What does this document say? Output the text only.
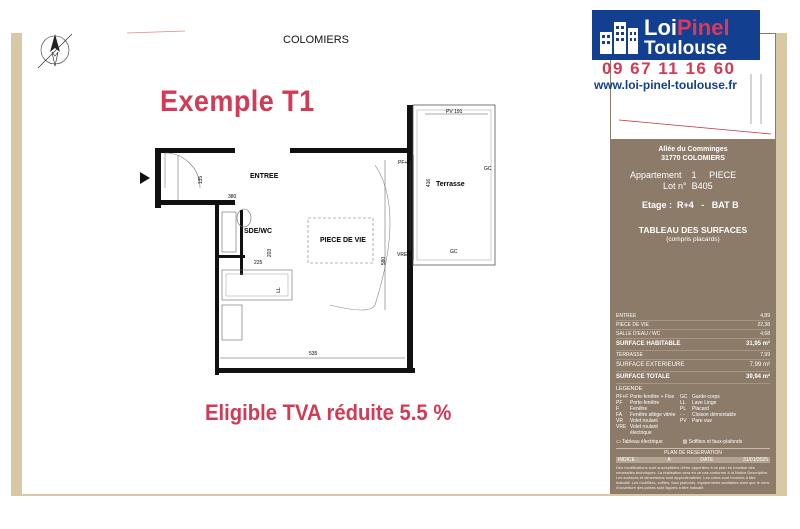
COLOMIERS
Exemple T1
ENTREE
SDE/WC
PIECE DE VIE
Terrasse
PV 191
535
380
225
203
135
580
416
PF+F
GC
GC
VRE
LL
Eligible TVA réduite 5.5 %
LoiPinel
Toulouse
09 67 11 16 60
www.loi-pinel-toulouse.fr
Allée du Comminges
31770 COLOMIERS
Appartement 1 PIECE
Lot n° B405
Etage : R+4   -   BAT B
TABLEAU DES SURFACES
(compris placards)
ENTREE	4,89
PIECE DE VIE	22,38
SALLE D'EAU / WC	4,68
SURFACE HABITABLE	31,95 m²
TERRASSE	7,99
SURFACE EXTERIEURE	7,99 m²
SURFACE TOTALE	39,94 m²
LEGENDE
PF+F Porte-fenêtre + Fixe	GC Garde-corps
PF	Porte-fenêtre	LL	Lave Linge
F	Fenêtre	PL	Placard
FA	Fenêtre allège vitrée - -	Cloison démontable
VR	Volet roulant	PV	Pare vue
VRE Volet roulant électrique
▭ Tableau électrique	▨ Soffites et faux-plafonds
PLAN DE RESERVATION
INDICE :	A	DATE	31/01/2025
Des modifications sont susceptibles d'être apportées à ce plan en fonction des nécessités techniques. La réalisation sera en ce cas conforme à la Notice Descriptive. Les surfaces et dimensions sont approximatives. Les cotes sont fournies à titre indicatif. Les mobiliers, sofites, faux plafonds, équipements sanitaires ainsi que le sens d'ouverture des portes sont figurés à titre indicatif.
